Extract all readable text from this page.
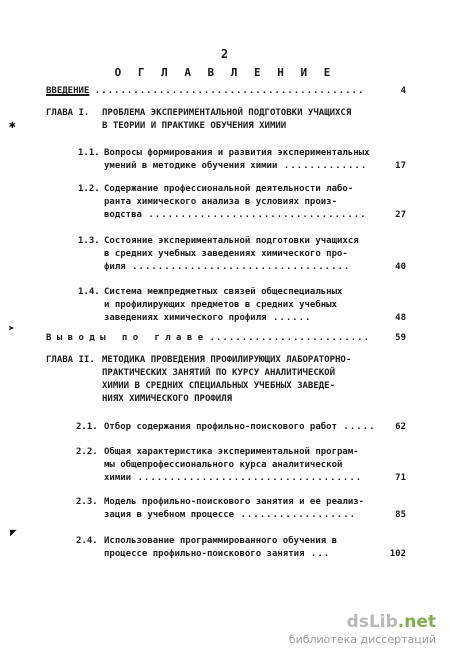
2
О Г Л А В Л Е Н И Е
ВВЕДЕНИЕ ..........................................	4
ГЛАВА I. ПРОБЛЕМА ЭКСПЕРИМЕНТАЛЬНОЙ ПОДГОТОВКИ УЧАЩИХСЯ
В ТЕОРИИ И ПРАКТИКЕ ОБУЧЕНИЯ ХИМИИ
✱
1.1. Вопросы формирования и развития экспериментальных
умений в методике обучения химии .............	17
1.2. Содержание профессиональной деятельности лабо-
ранта химического анализа в условиях произ-
водства ..................................	27
1.3. Состояние экспериментальной подготовки учащихся
в средних учебных заведениях химического про-
филя ..................................	40
1.4. Система межпредметных связей общеспециальных
и профилирующих предметов в средних учебных
заведениях химического профиля ......	48
➤
В ы в о д ы   п о   г л а в е .........................	59
ГЛАВА II. МЕТОДИКА ПРОВЕДЕНИЯ ПРОФИЛИРУЮЩИХ ЛАБОРАТОРНО-
ПРАКТИЧЕСКИХ ЗАНЯТИЙ ПО КУРСУ АНАЛИТИЧЕСКОЙ
ХИМИИ В СРЕДНИХ СПЕЦИАЛЬНЫХ УЧЕБНЫХ ЗАВЕДЕ-
НИЯХ ХИМИЧЕСКОГО ПРОФИЛЯ
2.1. Отбор содержания профильно-поискового работ .....	62
2.2. Общая характеристика экспериментальной програм-
мы общепрофессионального курса аналитической
химии ...................................	71
2.3. Модель профильно-поискового занятия и ее реализ-
зация в учебном процессе ..................	85
◤
2.4. Использование программированного обучения в
процессе профильно-поискового занятия ...	102
dsLib.net
библиотека диссертаций
